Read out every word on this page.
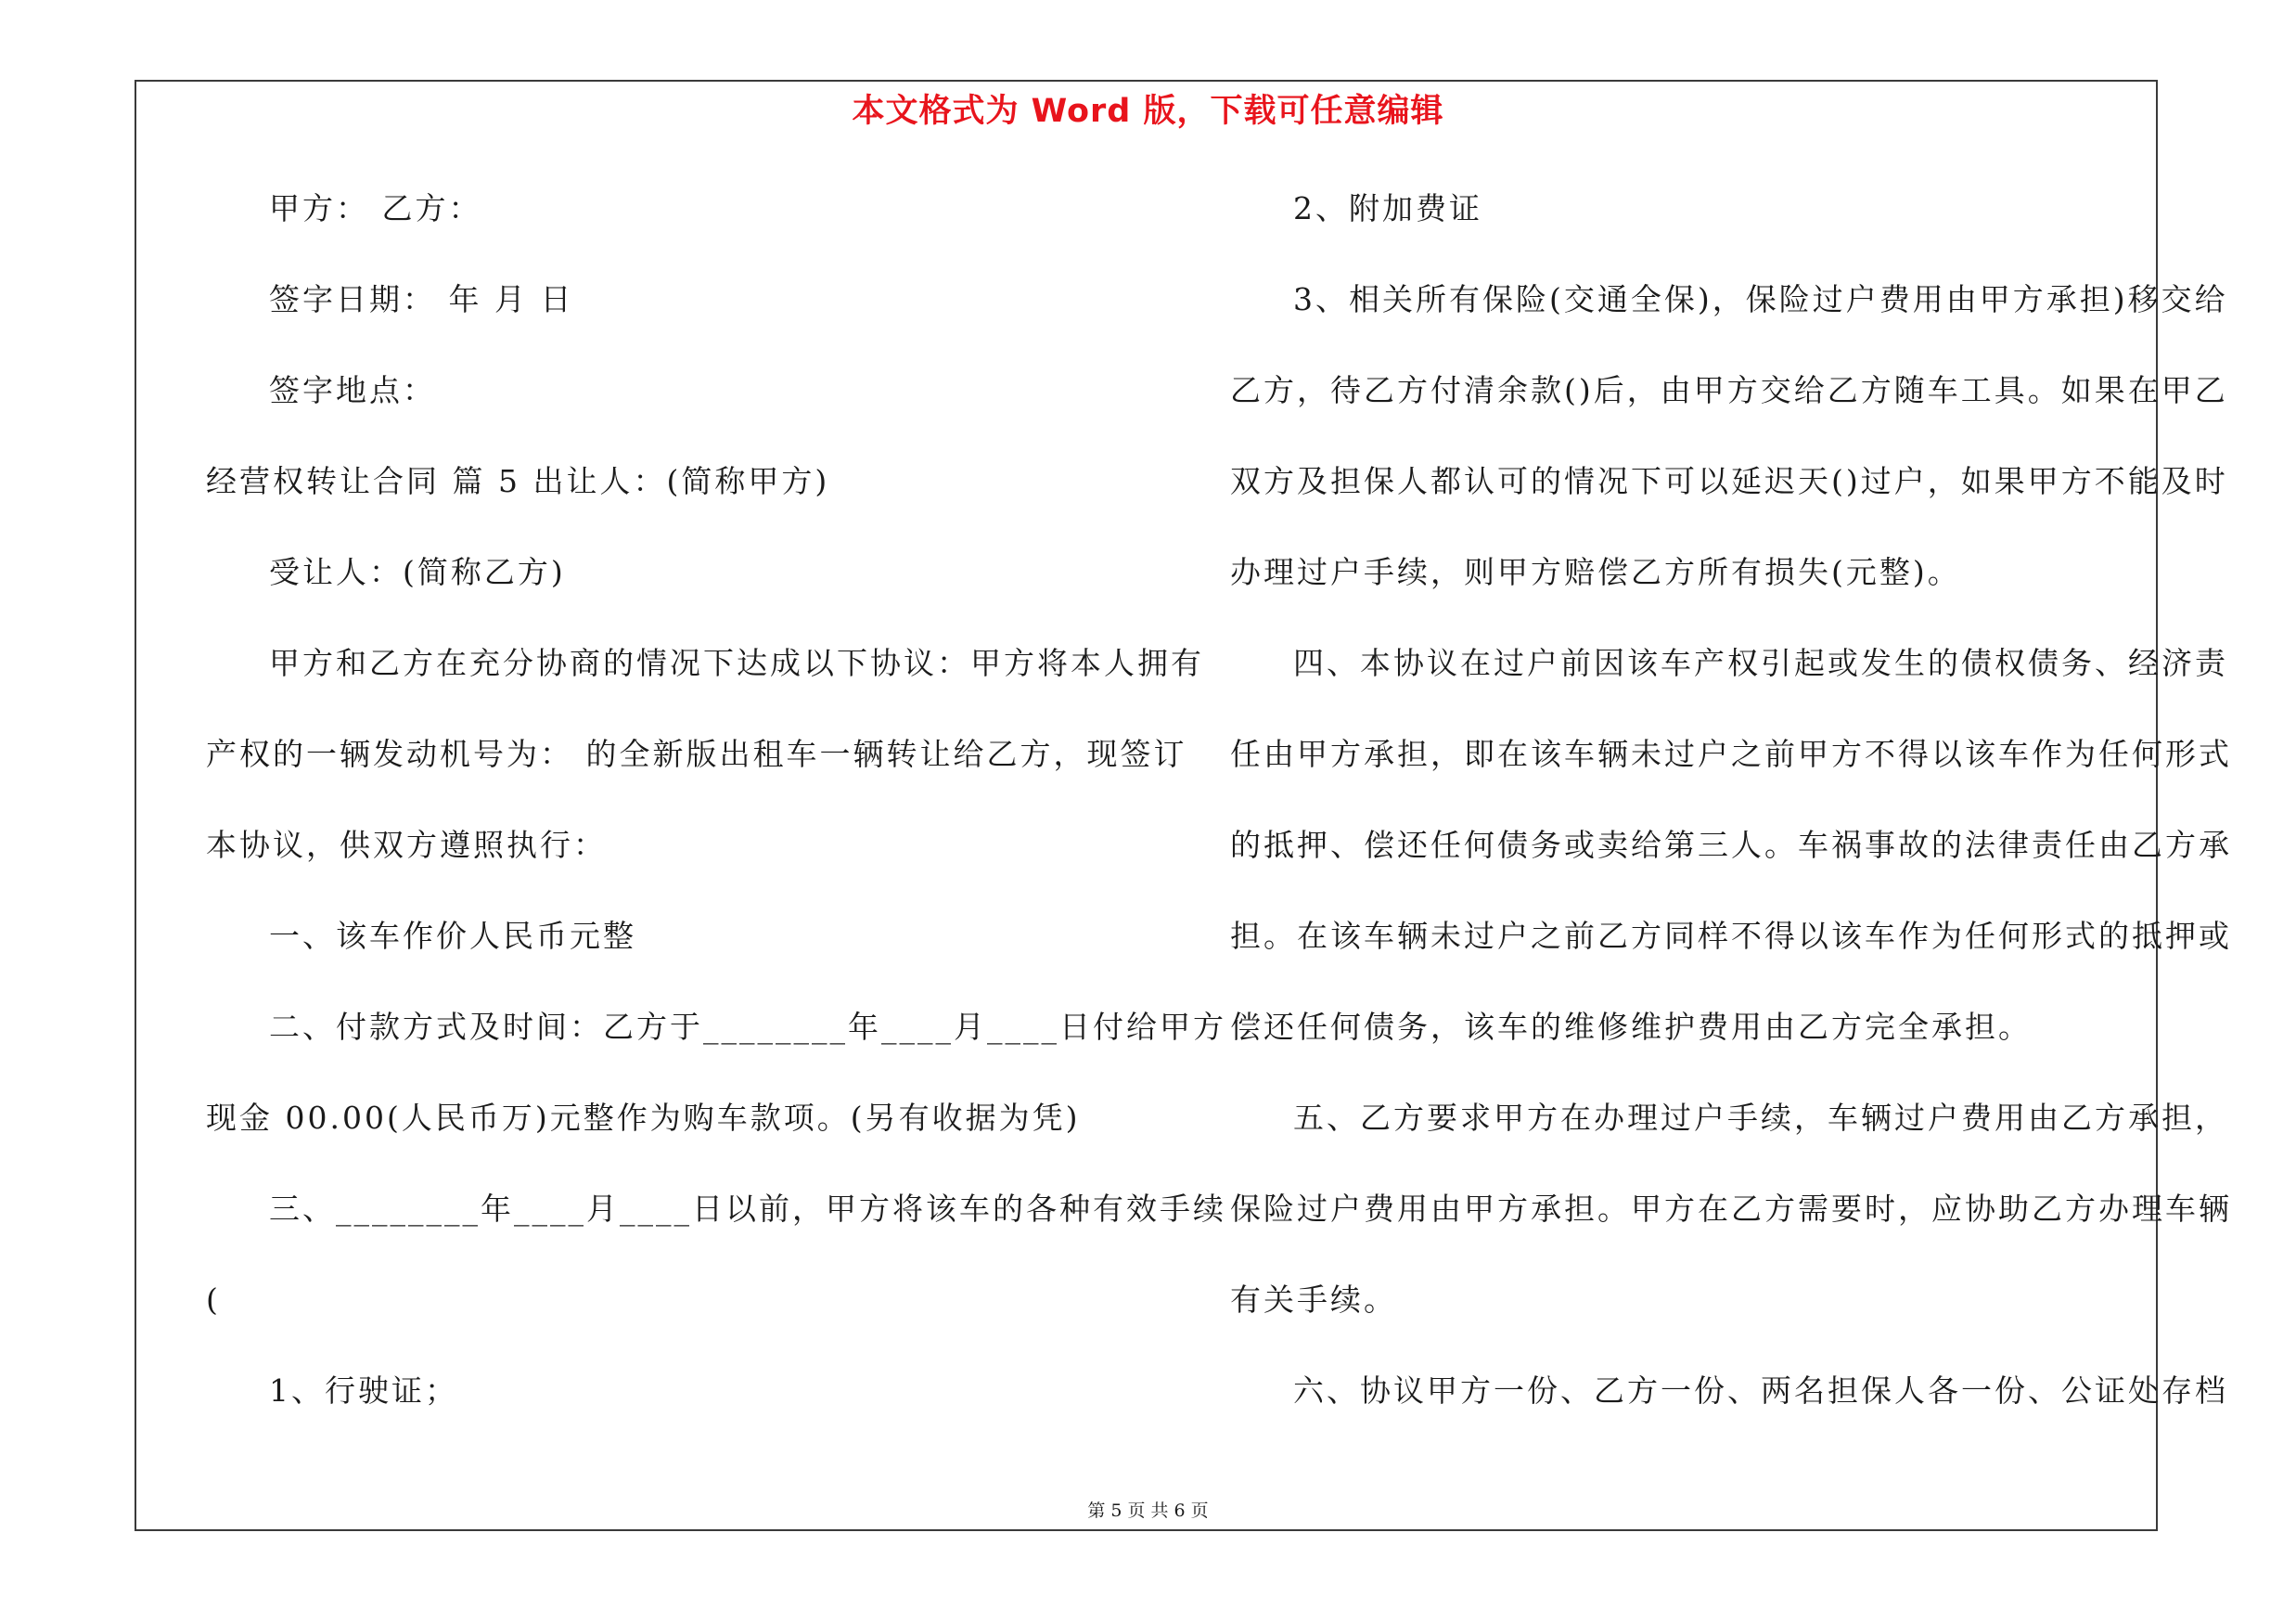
本文格式为 Word 版，下载可任意编辑
甲方： 乙方：
签字日期： 年 月 日
签字地点：
经营权转让合同 篇 5 出让人：(简称甲方)
受让人：(简称乙方)
甲方和乙方在充分协商的情况下达成以下协议：甲方将本人拥有
产权的一辆发动机号为： 的全新版出租车一辆转让给乙方，现签订
本协议，供双方遵照执行：
一、该车作价人民币元整
二、付款方式及时间：乙方于________年____月____日付给甲方
现金 00.00(人民币万)元整作为购车款项。(另有收据为凭)
三、________年____月____日以前，甲方将该车的各种有效手续
(
1、行驶证；
2、附加费证
3、相关所有保险(交通全保)，保险过户费用由甲方承担)移交给
乙方，待乙方付清余款()后，由甲方交给乙方随车工具。如果在甲乙
双方及担保人都认可的情况下可以延迟天()过户，如果甲方不能及时
办理过户手续，则甲方赔偿乙方所有损失(元整)。
四、本协议在过户前因该车产权引起或发生的债权债务、经济责
任由甲方承担，即在该车辆未过户之前甲方不得以该车作为任何形式
的抵押、偿还任何债务或卖给第三人。车祸事故的法律责任由乙方承
担。在该车辆未过户之前乙方同样不得以该车作为任何形式的抵押或
偿还任何债务，该车的维修维护费用由乙方完全承担。
五、乙方要求甲方在办理过户手续，车辆过户费用由乙方承担，
保险过户费用由甲方承担。甲方在乙方需要时，应协助乙方办理车辆
有关手续。
六、协议甲方一份、乙方一份、两名担保人各一份、公证处存档
第 5 页 共 6 页
